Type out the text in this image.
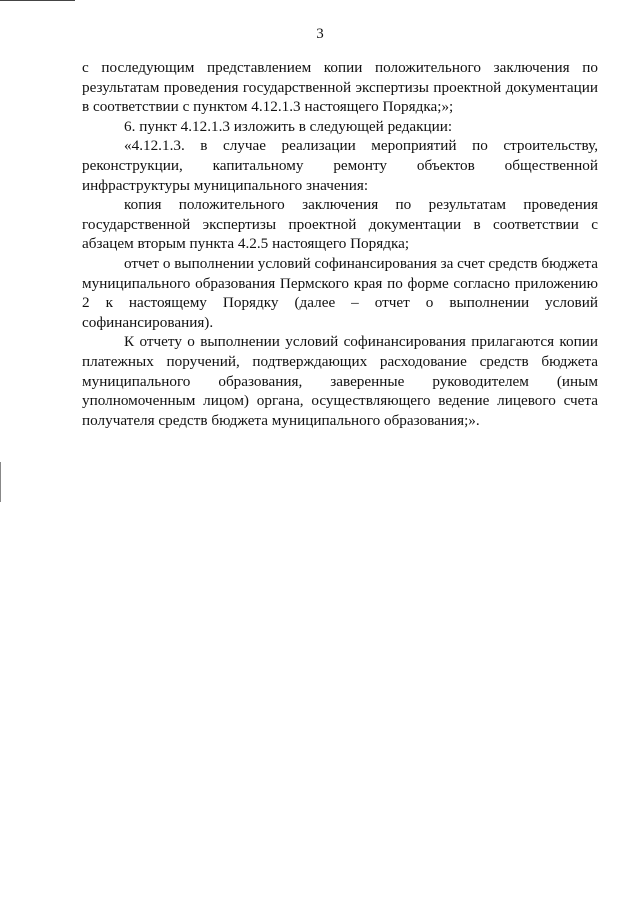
3

с последующим представлением копии положительного заключения по результатам проведения государственной экспертизы проектной документации в соответствии с пунктом 4.12.1.3 настоящего Порядка;»;

6. пункт 4.12.1.3 изложить в следующей редакции:

«4.12.1.3. в случае реализации мероприятий по строительству, реконструкции, капитальному ремонту объектов общественной инфраструктуры муниципального значения:

копия положительного заключения по результатам проведения государственной экспертизы проектной документации в соответствии с абзацем вторым пункта 4.2.5 настоящего Порядка;

отчет о выполнении условий софинансирования за счет средств бюджета муниципального образования Пермского края по форме согласно приложению 2 к настоящему Порядку (далее – отчет о выполнении условий софинансирования).

К отчету о выполнении условий софинансирования прилагаются копии платежных поручений, подтверждающих расходование средств бюджета муниципального образования, заверенные руководителем (иным уполномоченным лицом) органа, осуществляющего ведение лицевого счета получателя средств бюджета муниципального образования;».
